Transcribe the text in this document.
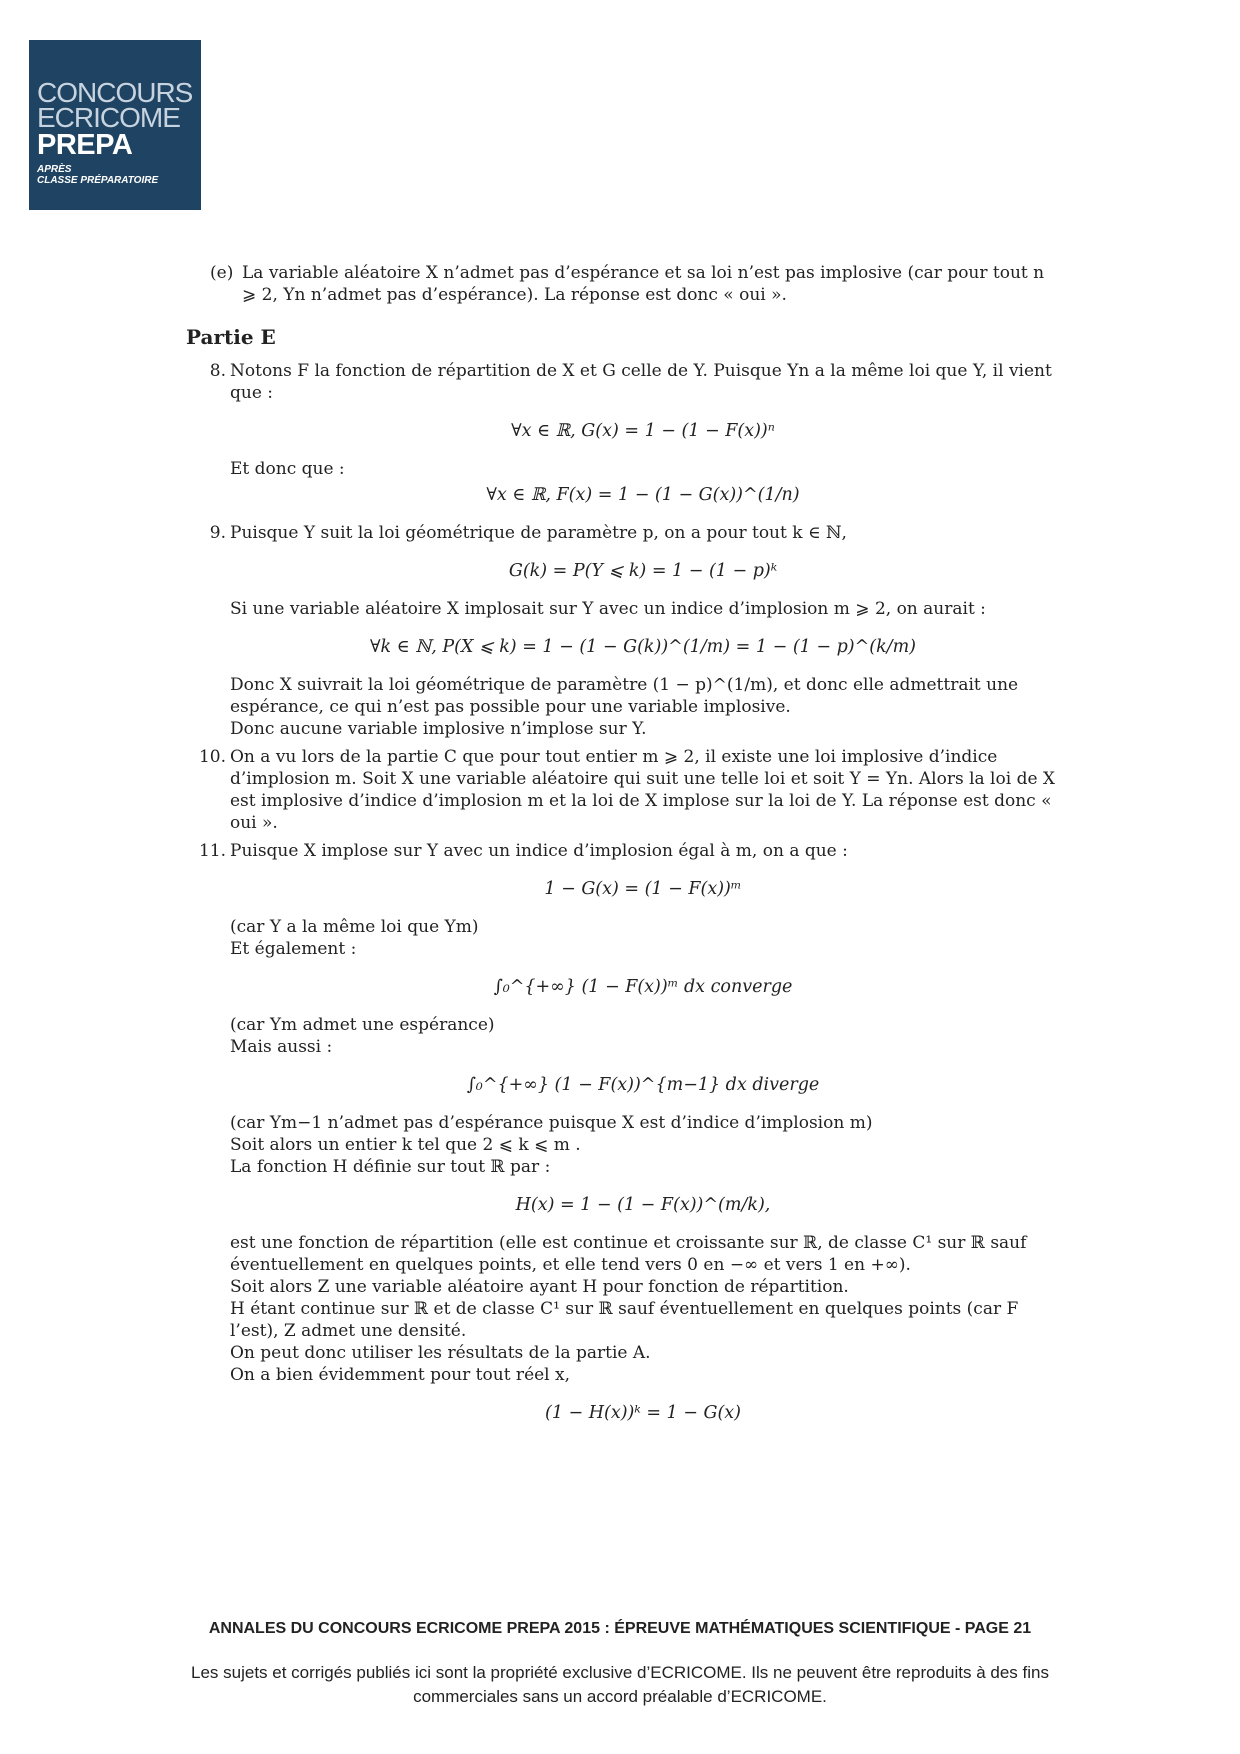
CONCOURS
ECRICOME
PREPA
APRÈS
CLASSE PRÉPARATOIRE
(e) La variable aléatoire X n’admet pas d’espérance et sa loi n’est pas implosive (car pour tout n ⩾ 2, Yn n’admet pas d’espérance). La réponse est donc « oui ».

Partie E
8. Notons F la fonction de répartition de X et G celle de Y. Puisque Yn a la même loi que Y, il vient que :

∀x ∈ ℝ, G(x) = 1 − (1 − F(x))ⁿ

Et donc que :

∀x ∈ ℝ, F(x) = 1 − (1 − G(x))^(1/n)
9. Puisque Y suit la loi géométrique de paramètre p, on a pour tout k ∈ ℕ,

G(k) = P(Y ⩽ k) = 1 − (1 − p)ᵏ

Si une variable aléatoire X implosait sur Y avec un indice d’implosion m ⩾ 2, on aurait :

∀k ∈ ℕ, P(X ⩽ k) = 1 − (1 − G(k))^(1/m) = 1 − (1 − p)^(k/m)

Donc X suivrait la loi géométrique de paramètre (1 − p)^(1/m), et donc elle admettrait une espérance, ce qui n’est pas possible pour une variable implosive.

Donc aucune variable implosive n’implose sur Y.

10. On a vu lors de la partie C que pour tout entier m ⩾ 2, il existe une loi implosive d’indice d’implosion m. Soit X une variable aléatoire qui suit une telle loi et soit Y = Yn. Alors la loi de X est implosive d’indice d’implosion m et la loi de X implose sur la loi de Y. La réponse est donc « oui ».

11. Puisque X implose sur Y avec un indice d’implosion égal à m, on a que :

1 − G(x) = (1 − F(x))ᵐ

(car Y a la même loi que Ym)

Et également :

∫₀^{+∞} (1 − F(x))ᵐ dx converge

(car Ym admet une espérance)

Mais aussi :

∫₀^{+∞} (1 − F(x))^{m−1} dx diverge

(car Ym−1 n’admet pas d’espérance puisque X est d’indice d’implosion m)

Soit alors un entier k tel que 2 ⩽ k ⩽ m .

La fonction H définie sur tout ℝ par :

H(x) = 1 − (1 − F(x))^(m/k),

est une fonction de répartition (elle est continue et croissante sur ℝ, de classe C¹ sur ℝ sauf éventuellement en quelques points, et elle tend vers 0 en −∞ et vers 1 en +∞).

Soit alors Z une variable aléatoire ayant H pour fonction de répartition.

H étant continue sur ℝ et de classe C¹ sur ℝ sauf éventuellement en quelques points (car F l’est), Z admet une densité.

On peut donc utiliser les résultats de la partie A.

On a bien évidemment pour tout réel x,

(1 − H(x))ᵏ = 1 − G(x)
ANNALES DU CONCOURS ECRICOME PREPA 2015 : ÉPREUVE MATHÉMATIQUES SCIENTIFIQUE - PAGE 21
Les sujets et corrigés publiés ici sont la propriété exclusive d’ECRICOME. Ils ne peuvent être reproduits à des fins commerciales sans un accord préalable d’ECRICOME.
